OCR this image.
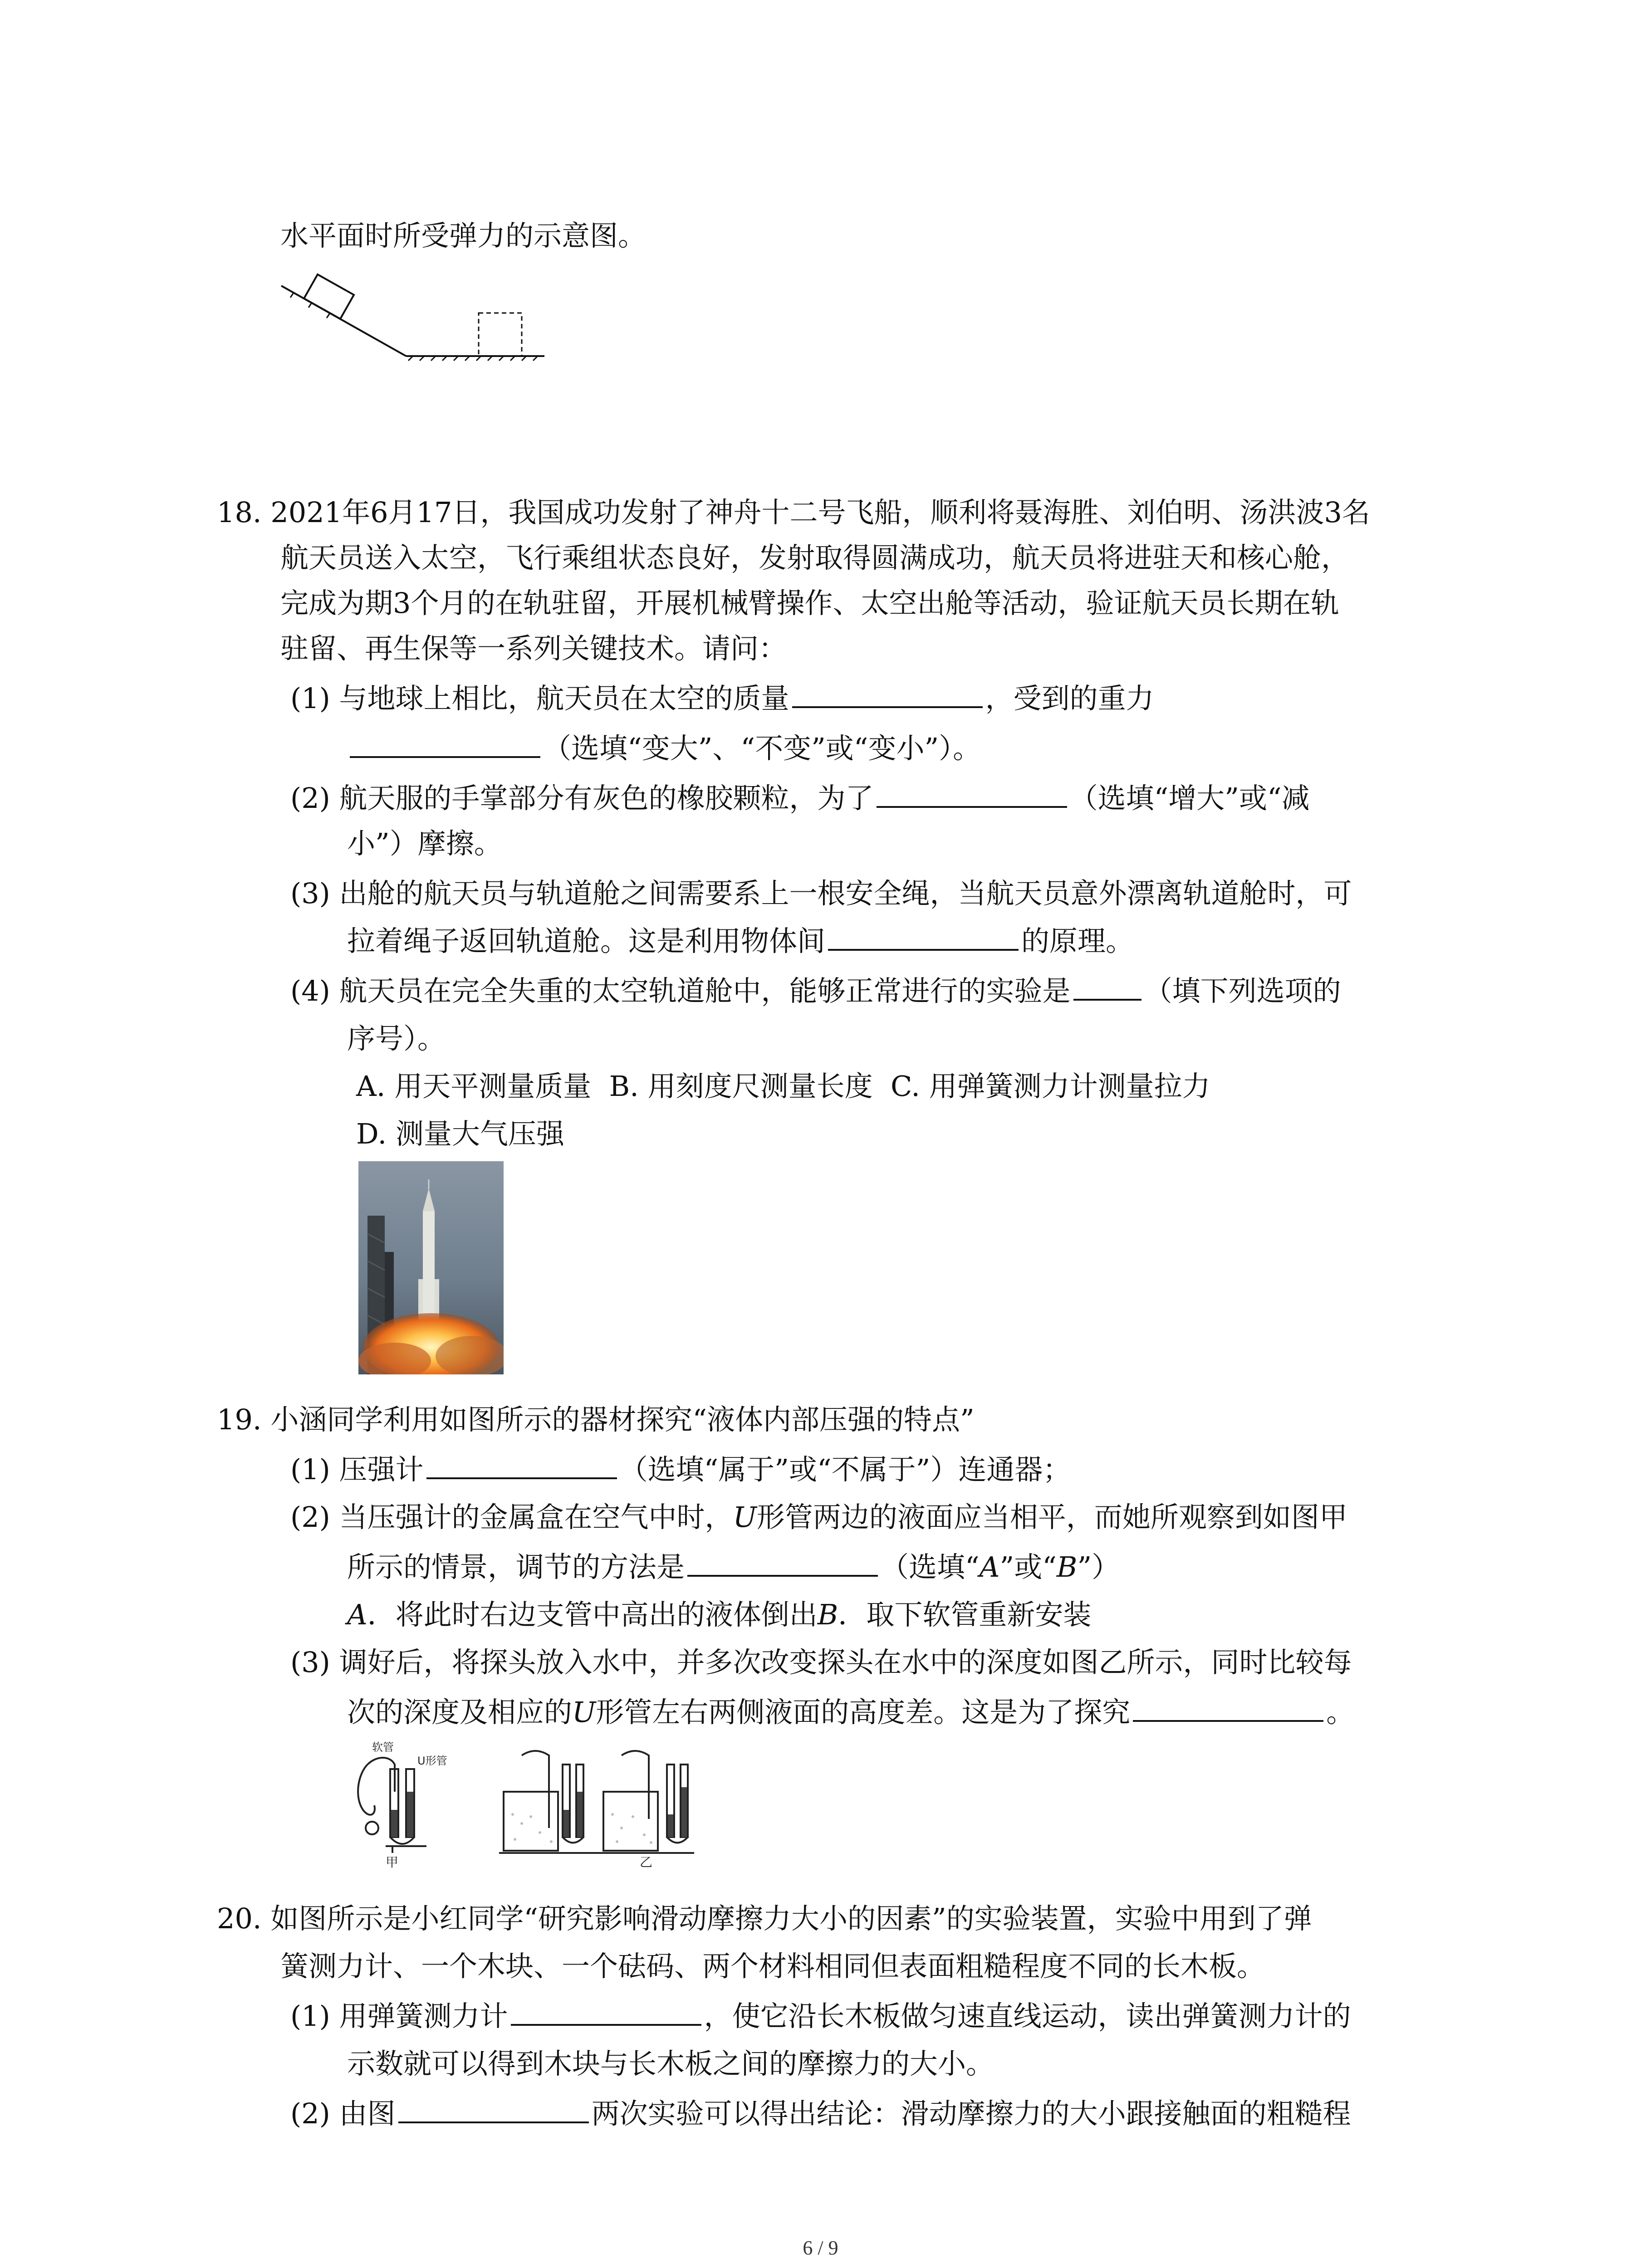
水平面时所受弹力的示意图。
18. 2021年6月17日，我国成功发射了神舟十二号飞船，顺利将聂海胜、刘伯明、汤洪波3名
航天员送入太空，飞行乘组状态良好，发射取得圆满成功，航天员将进驻天和核心舱，
完成为期3个月的在轨驻留，开展机械臂操作、太空出舱等活动，验证航天员长期在轨
驻留、再生保等一系列关键技术。请问：
(1) 与地球上相比，航天员在太空的质量	，受到的重力
（选填“变大”、“不变”或“变小”）。
(2) 航天服的手掌部分有灰色的橡胶颗粒，为了	（选填“增大”或“减
小”）摩擦。
(3) 出舱的航天员与轨道舱之间需要系上一根安全绳，当航天员意外漂离轨道舱时，可
拉着绳子返回轨道舱。这是利用物体间	的原理。
(4) 航天员在完全失重的太空轨道舱中，能够正常进行的实验是	（填下列选项的
序号）。
A. 用天平测量质量 B. 用刻度尺测量长度 C. 用弹簧测力计测量拉力
D. 测量大气压强
19. 小涵同学利用如图所示的器材探究“液体内部压强的特点”
(1) 压强计	（选填“属于”或“不属于”）连通器；
(2) 当压强计的金属盒在空气中时，U形管两边的液面应当相平，而她所观察到如图甲
所示的情景，调节的方法是	（选填“A”或“B”）
A．将此时右边支管中高出的液体倒出B．取下软管重新安装
(3) 调好后，将探头放入水中，并多次改变探头在水中的深度如图乙所示，同时比较每
次的深度及相应的U形管左右两侧液面的高度差。这是为了探究	。
U形管
软管
甲	乙
20. 如图所示是小红同学“研究影响滑动摩擦力大小的因素”的实验装置，实验中用到了弹
簧测力计、一个木块、一个砝码、两个材料相同但表面粗糙程度不同的长木板。
(1) 用弹簧测力计	，使它沿长木板做匀速直线运动，读出弹簧测力计的
示数就可以得到木块与长木板之间的摩擦力的大小。
(2) 由图	两次实验可以得出结论：滑动摩擦力的大小跟接触面的粗糙程
6 / 9
